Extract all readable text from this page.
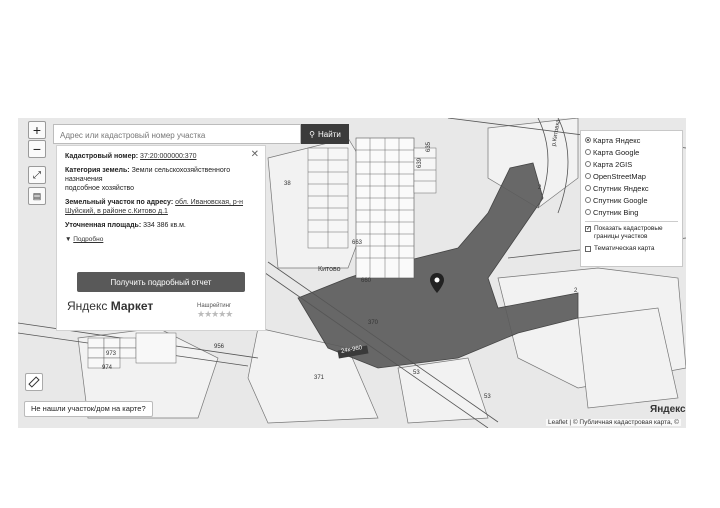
38
2
2
370
956
973
974
371
53
53
660
663
639
635
24к-960
р.Китовка
Китово
+
−
⤢
▤
Адрес или кадастровый номер участка
⚲ Найти
✕
Кадастровый номер: 37:20:000000:370
Категория земель: Земли сельскохозяйственного назначения
подсобное хозяйство
Земельный участок по адресу: обл. Ивановская, р-н Шуйский, в районе с.Китово д.1
Уточненная площадь: 334 386 кв.м.
▼ Подробно
Получить подробный отчет
Яндекс Маркет	Нашрейтинг
★★★★★
Карта Яндекс
Карта Google
Карта 2GIS
OpenStreetMap
Спутник Яндекс
Спутник Google
Спутник Bing
✓ Показать кадастровые границы участков
Тематическая карта
Не нашли участок/дом на карте?	Яндекс
Leaflet | © Публичная кадастровая карта, ©
